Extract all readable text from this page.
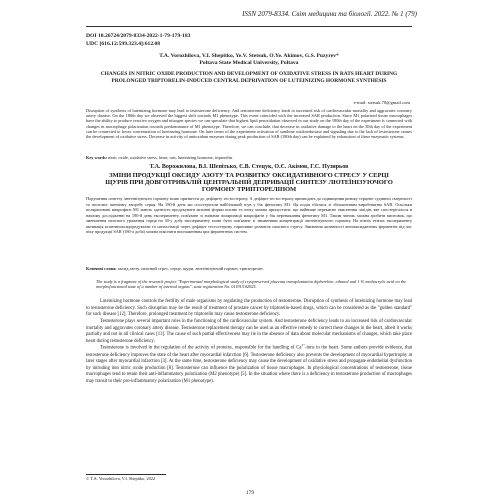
ISSN 2079-8334. Світ медицини та біології. 2022. № 1 (79)
DOI 10.26724/2079-8334-2022-1-79-179-183
UDC [616.12:599.323.4]:612.08
T.A. Vorozhilova, V.I. Shepitko, Ye.V. Stetsuk, O.Ye. Akimov, G.S. Puzyrev*
Poltava State Medical University, Poltava
CHANGES IN NITRIC OXIDE PRODUCTION AND DEVELOPMENT OF OXIDATIVE STRESS IN RATS HEART DURING PROLONGED TRIPTORELIN-INDUCED CENTRAL DEPRIVATION OF LUTEINIZING HORMONE SYNTHESIS
e-mail: stetsuk.78@gmail.com
Disruption of synthesis of luteinizing hormone may lead to testosterone deficiency. And testosterone deficiency leads to increased risk of cardiovascular mortality and aggravates coronary artery disease. On the 180th day we observed the biggest shift towards M1 phenotype. This event coincided with the increased SAR production. Since M1 polarized tissue macrophages have the ability to produce reactive oxygen and nitrogen species we can speculate that highest lipid peroxidation observed in our study on the 180th day of the experiment is connected with changes in macrophage polarization towards predominance of M1 phenotype. Therefore, we can conclude, that decrease in oxidative damage to the heart on the 30th day of the experiment can be connected to lower concentration of luteinizing hormone. On later terms of the experiment activation of xanthine oxidoreductase and signaling due to the lack of testosterone causes the development of oxidative stress. Decrease in activity of antioxidant enzymes during peak production of SAR (180th day) can be explained by exhaustion of these enzymatic systems.
Key words: nitric oxide, oxidative stress, heart, rats, luteinizing hormone, triptorelin.
Т.А. Ворожилова, В.І. Шепітько, Є.В. Стецук, О.Є. Акімов, Г.С. Пузирьов
ЗМІНИ ПРОДУКЦІЇ ОКСИДУ АЗОТУ ТА РОЗВИТКУ ОКСИДАТИВНОГО СТРЕСУ У СЕРЦІ ЩУРІВ ПРИ ДОВГОТРИВАЛІЙ ЦЕНТРАЛЬНІЙ ДЕПРИВАЦІЇ СИНТЕЗУ ЛЮТЕЇНІЗУЮЧОГО ГОРМОНУ ТРИПТОРЕЛІНОМ
Порушення синтезу лютеїнізуючого гормону може призвести до дефіциту тестостерону. А дефіцит тестостерону призводить до підвищення ризику серцево-судинної смертності та посилює ішемічну хворобу серця. На 180-й день ми спостерігали найбільший зсув у бік фенотипу М1. Ця подія збіглася зі збільшенням виробництва SAR. Оскільки поляризовані макрофаги М1 мають здатність продукувати активні форми кисню та азоту можна припустити, що найвище перекисне окиснення ліпідів, яке спостерігалося в нашому дослідженні на 180-й день експерименту, пов'язане зі змінами поляризації макрофагів у бік переважання фенотипу М1. Таким чином, можна зробити висновок, що зменшення окисного ураження серця на 30-у добу експерименту може бути пов'язане зі зниженням концентрації лютеїнізуючого гормону. На пізніх етапах експерименту активація ксантиноксидоредуктази та сигналізації через дефіцит тестостерону спричиняє розвиток окисного стресу. Зниження активності антиоксидантних ферментів під час піку продукції SAR (180-а доба) можна пояснити виснаженням цих ферментних систем.
Ключові слова: оксид азоту, окисний стрес, серце, щури, лютеїнізуючий гормон, трипторелін.
The study is a fragment of the research project "Experimental morphological study of cryopreserved placenta transplantation diphereline, ethanol and 1 % methacrylic acid on the morphofunctional state of a number of internal organs", state registration No. 0119U102925.

Luteinizing hormone controls the fertility of male organisms by regulating the production of testosterone. Disruption of synthesis of luteinizing hormone may lead to testosterone deficiency. Such disruption may be the result of treatment of prostate cancer by triptorelin-based drugs, which can be considered as the "golden standard" for such disease [12]. Therefore, prolonged treatment by triptorelin may cause testosterone deficiency.

Testosterone plays several important roles in the functioning of the cardiovascular system. And testosterone deficiency leads to an increased risk of cardiovascular mortality and aggravates coronary artery disease. Testosterone replacement therapy can be used as an effective remedy to correct these changes in the heart, albeit it works partially and not in all clinical cases [13]. The cause of such partial effectiveness may lie in the absence of data about molecular mechanisms of changes, which take place heart during testosterone deficiency.

Testosterone is involved in the regulation of the activity of proteins, responsible for the handling of $Ca^{2+}$-ions in the heart. Some authors provide evidence, that testosterone deficiency improves the state of the heart after myocardial infarction [6]. Testosterone deficiency also prevents the development of myocardial hypertrophy at later stages after myocardial infarction [3]. At the same time, testosterone deficiency may cause the development of oxidative stress and propagate endothelial dysfunction by intruding into nitric oxide production [8]. Testosterone can influence the polarization of tissue macrophages. In physiological concentrations of testosterone, tissue macrophages tend to retain their anti-inflammatory polarization (M2 phenotype) [5]. In the situation where there is a deficiency in testosterone production of macrophages may transit to their pro-inflammatory polarization (M1 phenotype).

© T.A. Vorozhilova, V.I. Shepitko, 2022
179
